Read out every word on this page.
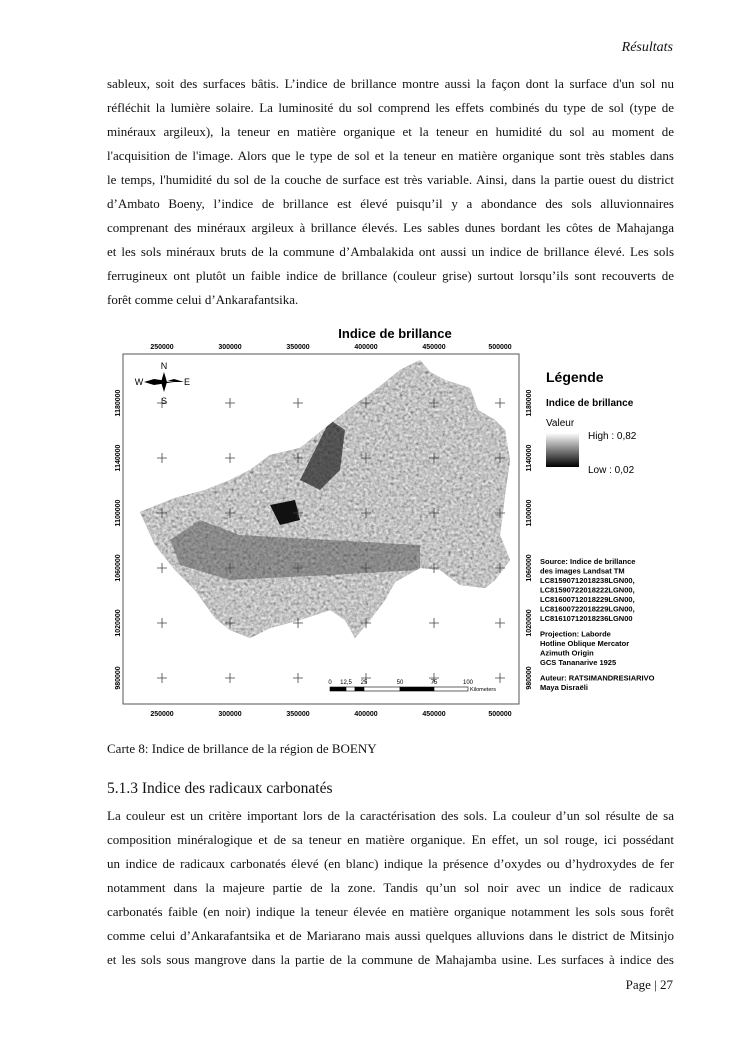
Résultats
sableux, soit des surfaces bâtis. L’indice de brillance montre aussi la façon dont la surface d'un sol nu
réfléchit la lumière solaire. La luminosité du sol comprend les effets combinés du type de sol (type de
minéraux argileux), la teneur en matière organique et la teneur en humidité du sol au moment de
l'acquisition de l'image. Alors que le type de sol et la teneur en matière organique sont très stables dans
le temps, l'humidité du sol de la couche de surface est très variable. Ainsi, dans la partie ouest du district
d’Ambato Boeny, l’indice de brillance est élevé puisqu’il y a abondance des sols alluvionnaires
comprenant des minéraux argileux à brillance élevés. Les sables dunes bordant les côtes de Mahajanga
et les sols minéraux bruts de la commune d’Ambalakida ont aussi un indice de brillance élevé. Les sols
ferrugineux ont plutôt un faible indice de brillance (couleur grise) surtout lorsqu’ils sont recouverts de
forêt comme celui d’Ankarafantsika.
Indice de brillance
250000
250000
300000
300000
350000
350000
400000
400000
450000
450000
500000
500000
1180000	1180000
1140000	1140000
1100000	1100000
1060000	1060000
1020000	1020000
980000	980000
N
S
W	E
0 12,5 25	50	75	100
Kilometers
Légende
Indice de brillance
Valeur
High : 0,82
Low : 0,02
Source: Indice de brillance
des images Landsat TM
LC81590712018238LGN00,
LC81590722018222LGN00,
LC81600712018229LGN00,
LC81600722018229LGN00,
LC81610712018236LGN00
Projection: Laborde
Hotline Oblique Mercator
Azimuth Origin
GCS Tananarive 1925
Auteur: RATSIMANDRESIARIVO
Maya Disraëli
Carte 8: Indice de brillance de la région de BOENY
5.1.3 Indice des radicaux carbonatés
La couleur est un critère important lors de la caractérisation des sols. La couleur d’un sol résulte de sa
composition minéralogique et de sa teneur en matière organique. En effet, un sol rouge, ici possédant
un indice de radicaux carbonatés élevé (en blanc) indique la présence d’oxydes ou d’hydroxydes de fer
notamment dans la majeure partie de la zone. Tandis qu’un sol noir avec un indice de radicaux
carbonatés faible (en noir) indique la teneur élevée en matière organique notamment les sols sous forêt
comme celui d’Ankarafantsika et de Mariarano mais aussi quelques alluvions dans le district de Mitsinjo
et les sols sous mangrove dans la partie de la commune de Mahajamba usine. Les surfaces à indice des
Page | 27
